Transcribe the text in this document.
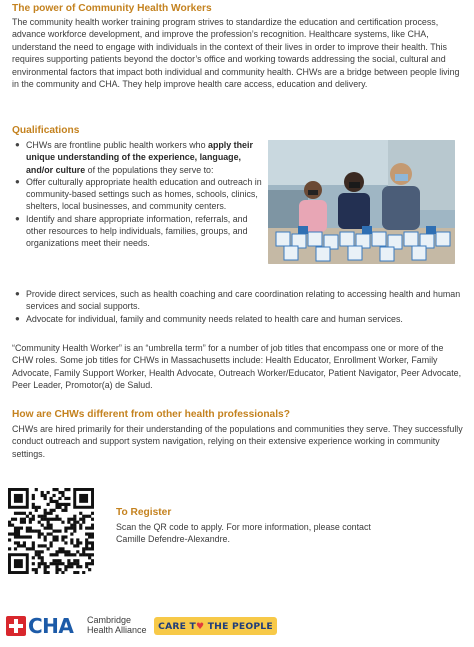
The power of Community Health Workers
The community health worker training program strives to standardize the education and certification process, advance workforce development, and improve the profession’s recognition. Healthcare systems, like CHA, understand the need to engage with individuals in the context of their lives in order to improve their health. This requires supporting patients beyond the doctor’s office and working towards addressing the social, cultural and environmental factors that impact both individual and community health. CHWs are a bridge between people living in the community and CHA. They help improve health care access, education and delivery.
Qualifications
● CHWs are frontline public health workers who apply their unique understanding of the experience, language, and/or culture of the populations they serve to:
● Offer culturally appropriate health education and outreach in community-based settings such as homes, schools, clinics, shelters, local businesses, and community centers.
● Identify and share appropriate information, referrals, and other resources to help individuals, families, groups, and organizations meet their needs.
● Provide direct services, such as health coaching and care coordination relating to accessing health and human services and social supports.
● Advocate for individual, family and community needs related to health care and human services.
“Community Health Worker” is an “umbrella term” for a number of job titles that encompass one or more of the CHW roles. Some job titles for CHWs in Massachusetts include: Health Educator, Enrollment Worker, Family Advocate, Family Support Worker, Health Advocate, Outreach Worker/Educator, Patient Navigator, Peer Advocate, Peer Leader, Promotor(a) de Salud.
How are CHWs different from other health professionals?
CHWs are hired primarily for their understanding of the populations and communities they serve. They successfully conduct outreach and support system navigation, relying on their extensive experience working in community settings.
To Register
Scan the QR code to apply. For more information, please contact Camille Defendre-Alexandre.
CHA Cambridge
Health Alliance CARE T♥ THE PEOPLE
